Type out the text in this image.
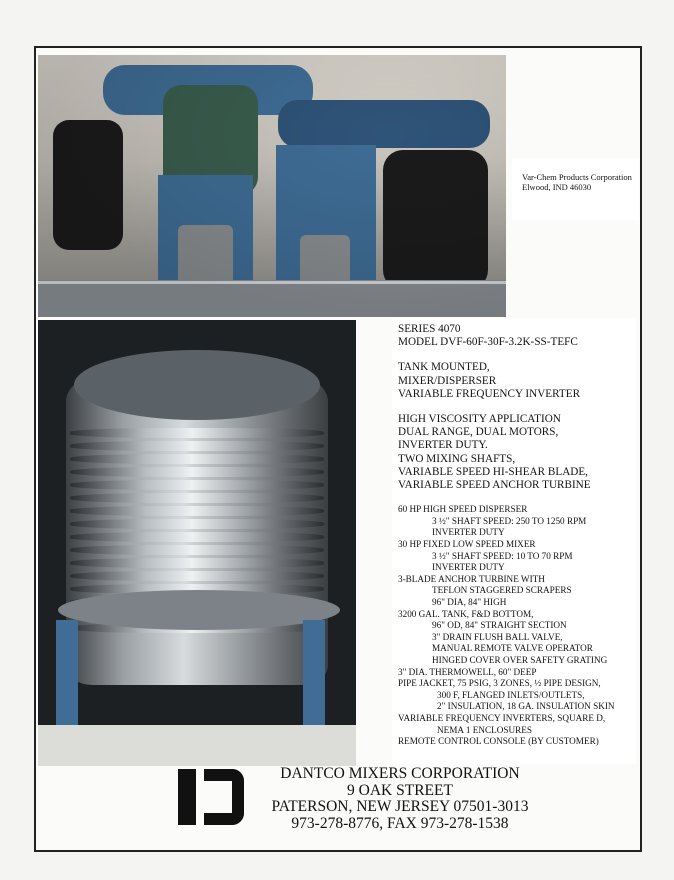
Var-Chem Products Corporation
Elwood, IND 46030
SERIES 4070
MODEL DVF-60F-30F-3.2K-SS-TEFC
TANK MOUNTED,
MIXER/DISPERSER
VARIABLE FREQUENCY INVERTER
HIGH VISCOSITY APPLICATION
DUAL RANGE, DUAL MOTORS,
INVERTER DUTY.
TWO MIXING SHAFTS,
VARIABLE SPEED HI-SHEAR BLADE,
VARIABLE SPEED ANCHOR TURBINE
60 HP HIGH SPEED DISPERSER
3 ½" SHAFT SPEED: 250 TO 1250 RPM
INVERTER DUTY
30 HP FIXED LOW SPEED MIXER
3 ½" SHAFT SPEED: 10 TO 70 RPM
INVERTER DUTY
3-BLADE ANCHOR TURBINE WITH
TEFLON STAGGERED SCRAPERS
96" DIA, 84" HIGH
3200 GAL. TANK, F&D BOTTOM,
96" OD, 84" STRAIGHT SECTION
3" DRAIN FLUSH BALL VALVE,
MANUAL REMOTE VALVE OPERATOR
HINGED COVER OVER SAFETY GRATING
3" DIA. THERMOWELL, 60" DEEP
PIPE JACKET, 75 PSIG, 3 ZONES, ½ PIPE DESIGN,
300 F, FLANGED INLETS/OUTLETS,
2" INSULATION, 18 GA. INSULATION SKIN
VARIABLE FREQUENCY INVERTERS, SQUARE D,
NEMA 1 ENCLOSURES
REMOTE CONTROL CONSOLE (BY CUSTOMER)
DANTCO MIXERS CORPORATION
9 OAK STREET
PATERSON, NEW JERSEY 07501-3013
973-278-8776, FAX 973-278-1538
